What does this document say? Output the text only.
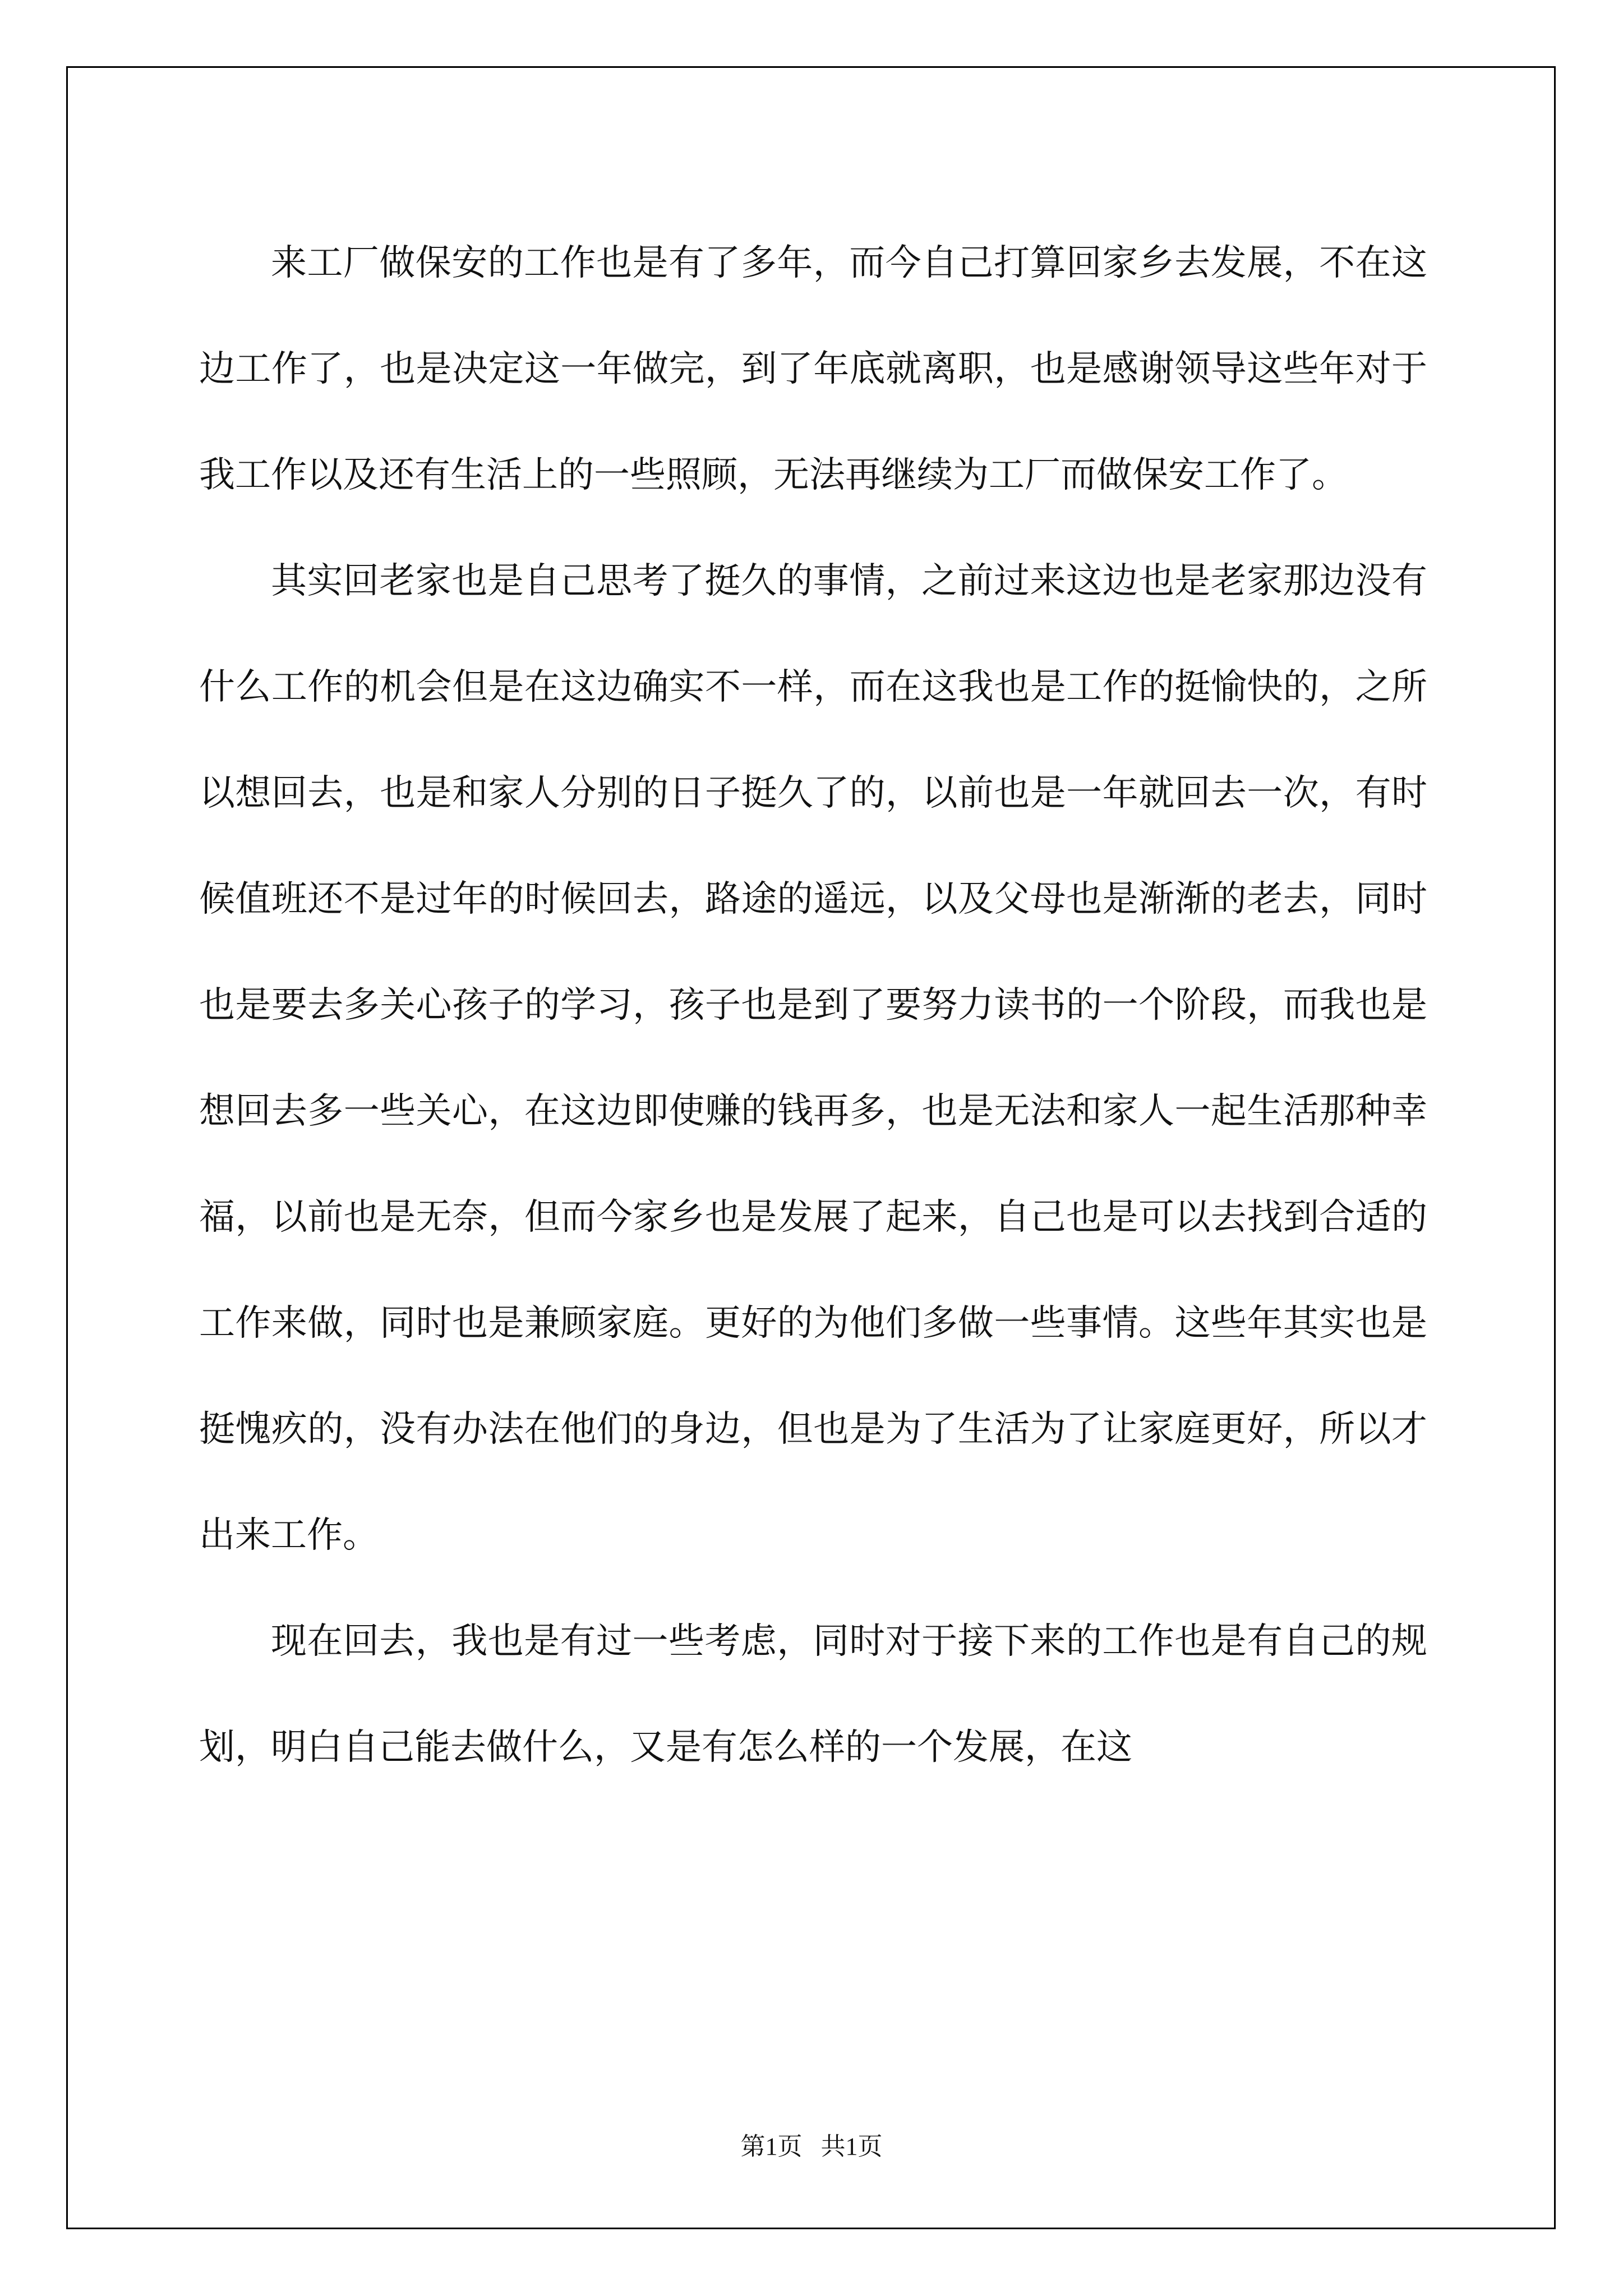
来工厂做保安的工作也是有了多年，而今自己打算回家乡去发展，不在这边工作了，也是决定这一年做完，到了年底就离职，也是感谢领导这些年对于我工作以及还有生活上的一些照顾，无法再继续为工厂而做保安工作了。

其实回老家也是自己思考了挺久的事情，之前过来这边也是老家那边没有什么工作的机会但是在这边确实不一样，而在这我也是工作的挺愉快的，之所以想回去，也是和家人分别的日子挺久了的，以前也是一年就回去一次，有时候值班还不是过年的时候回去，路途的遥远，以及父母也是渐渐的老去，同时也是要去多关心孩子的学习，孩子也是到了要努力读书的一个阶段，而我也是想回去多一些关心，在这边即使赚的钱再多，也是无法和家人一起生活那种幸福，以前也是无奈，但而今家乡也是发展了起来，自己也是可以去找到合适的工作来做，同时也是兼顾家庭。更好的为他们多做一些事情。这些年其实也是挺愧疚的，没有办法在他们的身边，但也是为了生活为了让家庭更好，所以才出来工作。

现在回去，我也是有过一些考虑，同时对于接下来的工作也是有自己的规划，明白自己能去做什么，又是有怎么样的一个发展，在这

第1页   共1页
